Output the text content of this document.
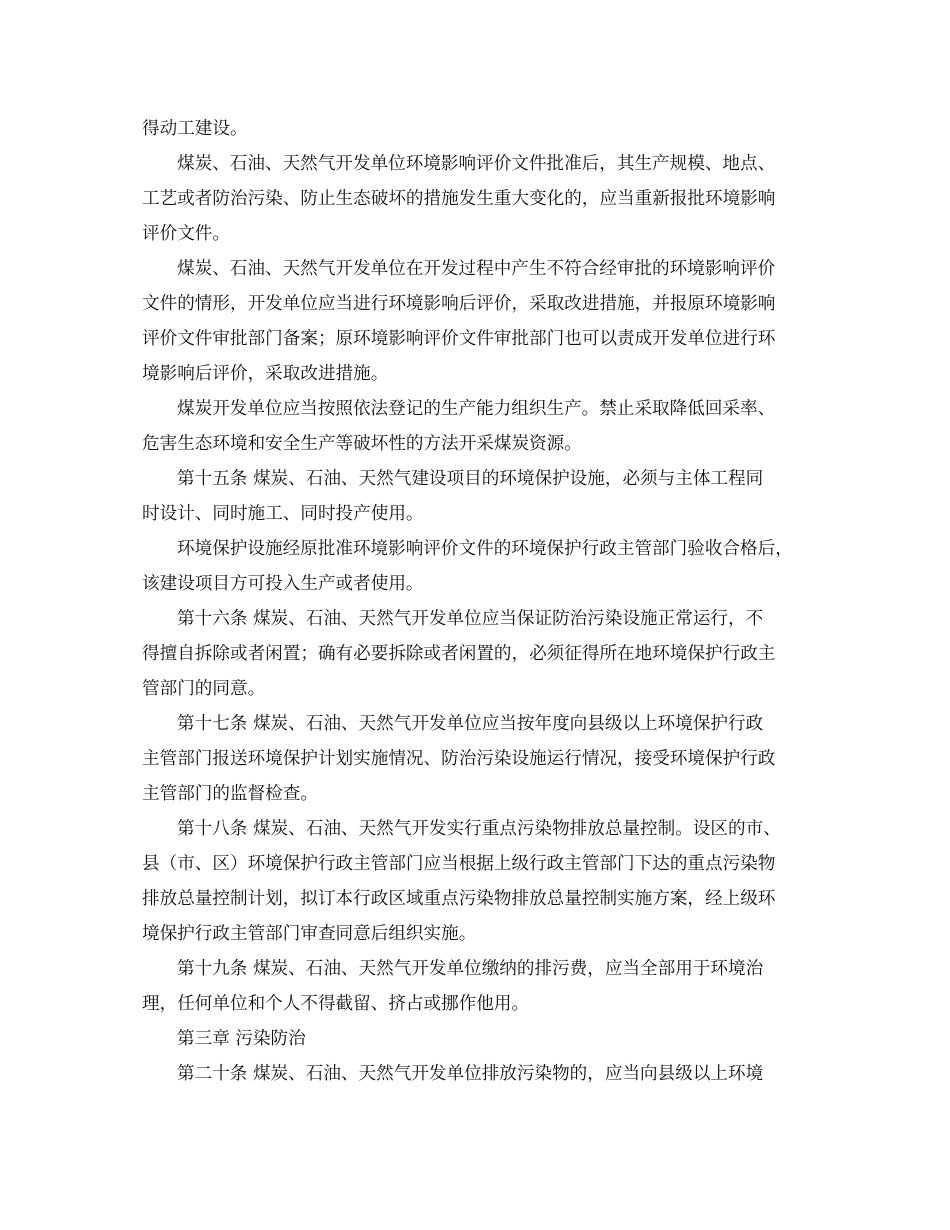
得动工建设。
煤炭、石油、天然气开发单位环境影响评价文件批准后，其生产规模、地点、
工艺或者防治污染、防止生态破坏的措施发生重大变化的，应当重新报批环境影响
评价文件。
煤炭、石油、天然气开发单位在开发过程中产生不符合经审批的环境影响评价
文件的情形，开发单位应当进行环境影响后评价，采取改进措施，并报原环境影响
评价文件审批部门备案；原环境影响评价文件审批部门也可以责成开发单位进行环
境影响后评价，采取改进措施。
煤炭开发单位应当按照依法登记的生产能力组织生产。禁止采取降低回采率、
危害生态环境和安全生产等破坏性的方法开采煤炭资源。
第十五条 煤炭、石油、天然气建设项目的环境保护设施，必须与主体工程同
时设计、同时施工、同时投产使用。
环境保护设施经原批准环境影响评价文件的环境保护行政主管部门验收合格后，
该建设项目方可投入生产或者使用。
第十六条 煤炭、石油、天然气开发单位应当保证防治污染设施正常运行，不
得擅自拆除或者闲置；确有必要拆除或者闲置的，必须征得所在地环境保护行政主
管部门的同意。
第十七条 煤炭、石油、天然气开发单位应当按年度向县级以上环境保护行政
主管部门报送环境保护计划实施情况、防治污染设施运行情况，接受环境保护行政
主管部门的监督检查。
第十八条 煤炭、石油、天然气开发实行重点污染物排放总量控制。设区的市、
县（市、区）环境保护行政主管部门应当根据上级行政主管部门下达的重点污染物
排放总量控制计划，拟订本行政区域重点污染物排放总量控制实施方案，经上级环
境保护行政主管部门审查同意后组织实施。
第十九条 煤炭、石油、天然气开发单位缴纳的排污费，应当全部用于环境治
理，任何单位和个人不得截留、挤占或挪作他用。
第三章 污染防治
第二十条 煤炭、石油、天然气开发单位排放污染物的，应当向县级以上环境
